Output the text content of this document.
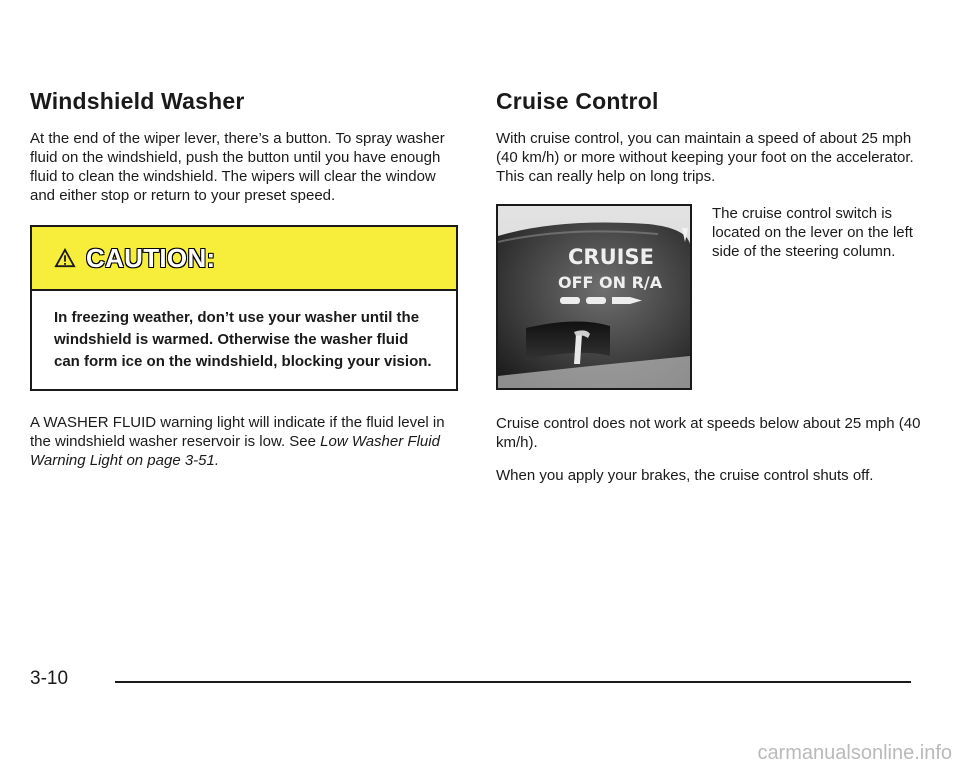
Windshield Washer

At the end of the wiper lever, there’s a button. To spray washer fluid on the windshield, push the button until you have enough fluid to clean the windshield. The wipers will clear the window and either stop or return to your preset speed.

CAUTION:
In freezing weather, don’t use your washer until the windshield is warmed. Otherwise the washer fluid can form ice on the windshield, blocking your vision.

A WASHER FLUID warning light will indicate if the fluid level in the windshield washer reservoir is low. See Low Washer Fluid Warning Light on page 3-51.

Cruise Control

With cruise control, you can maintain a speed of about 25 mph (40 km/h) or more without keeping your foot on the accelerator. This can really help on long trips.

CRUISE
OFF ON R/A

The cruise control switch is located on the lever on the left side of the steering column.

Cruise control does not work at speeds below about 25 mph (40 km/h).

When you apply your brakes, the cruise control shuts off.

3-10
carmanualsonline.info
